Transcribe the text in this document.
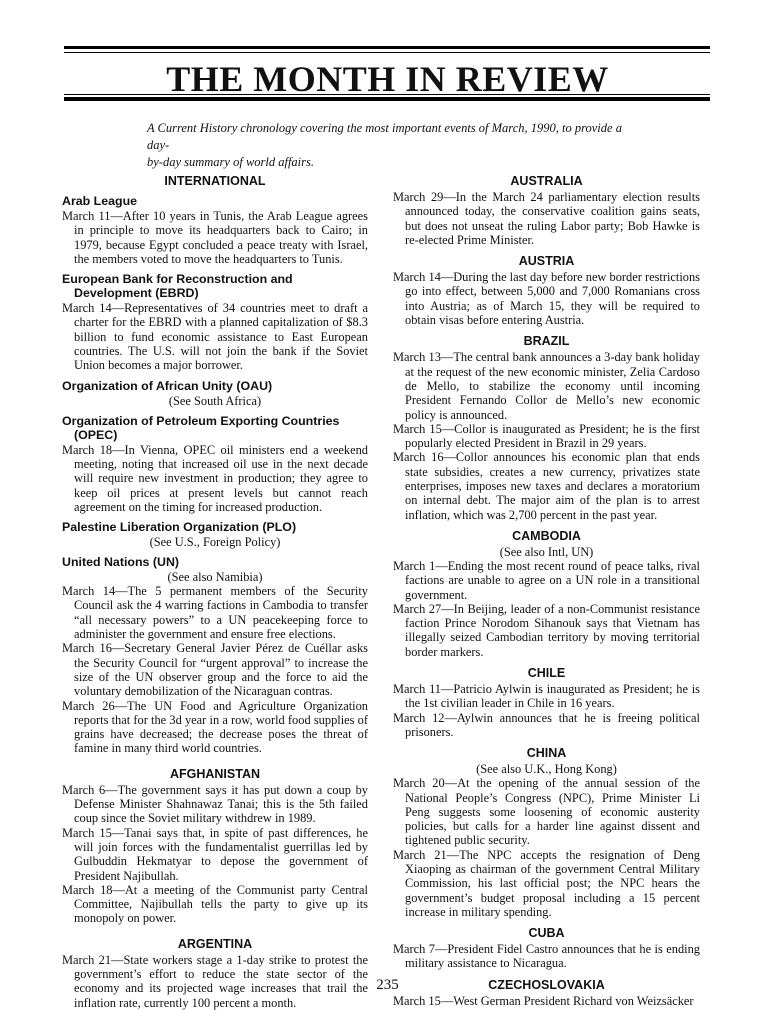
THE MONTH IN REVIEW
A Current History chronology covering the most important events of March, 1990, to provide a day-
by-day summary of world affairs.
INTERNATIONAL
Arab League

March 11—After 10 years in Tunis, the Arab League agrees in principle to move its headquarters back to Cairo; in 1979, because Egypt concluded a peace treaty with Israel, the members voted to move the headquarters to Tunis.

European Bank for Reconstruction and Development (EBRD)

March 14—Representatives of 34 countries meet to draft a charter for the EBRD with a planned capitalization of $8.3 billion to fund economic assistance to East European countries. The U.S. will not join the bank if the Soviet Union becomes a major borrower.

Organization of African Unity (OAU)
(See South Africa)
Organization of Petroleum Exporting Countries (OPEC)

March 18—In Vienna, OPEC oil ministers end a weekend meeting, noting that increased oil use in the next decade will require new investment in production; they agree to keep oil prices at present levels but cannot reach agreement on the timing for increased production.

Palestine Liberation Organization (PLO)
(See U.S., Foreign Policy)
United Nations (UN)
(See also Namibia)

March 14—The 5 permanent members of the Security Council ask the 4 warring factions in Cambodia to transfer “all necessary powers” to a UN peacekeeping force to administer the government and ensure free elections.

March 16—Secretary General Javier Pérez de Cuéllar asks the Security Council for “urgent approval” to increase the size of the UN observer group and the force to aid the voluntary demobilization of the Nicaraguan contras.

March 26—The UN Food and Agriculture Organization reports that for the 3d year in a row, world food supplies of grains have decreased; the decrease poses the threat of famine in many third world countries.

AFGHANISTAN

March 6—The government says it has put down a coup by Defense Minister Shahnawaz Tanai; this is the 5th failed coup since the Soviet military withdrew in 1989.

March 15—Tanai says that, in spite of past differences, he will join forces with the fundamentalist guerrillas led by Gulbuddin Hekmatyar to depose the government of President Najibullah.

March 18—At a meeting of the Communist party Central Committee, Najibullah tells the party to give up its monopoly on power.

ARGENTINA

March 21—State workers stage a 1-day strike to protest the government’s effort to reduce the state sector of the economy and its projected wage increases that trail the inflation rate, currently 100 percent a month.

AUSTRALIA

March 29—In the March 24 parliamentary election results announced today, the conservative coalition gains seats, but does not unseat the ruling Labor party; Bob Hawke is re-elected Prime Minister.

AUSTRIA

March 14—During the last day before new border restrictions go into effect, between 5,000 and 7,000 Romanians cross into Austria; as of March 15, they will be required to obtain visas before entering Austria.

BRAZIL

March 13—The central bank announces a 3-day bank holiday at the request of the new economic minister, Zelia Cardoso de Mello, to stabilize the economy until incoming President Fernando Collor de Mello’s new economic policy is announced.

March 15—Collor is inaugurated as President; he is the first popularly elected President in Brazil in 29 years.

March 16—Collor announces his economic plan that ends state subsidies, creates a new currency, privatizes state enterprises, imposes new taxes and declares a moratorium on internal debt. The major aim of the plan is to arrest inflation, which was 2,700 percent in the past year.

CAMBODIA
(See also Intl, UN)

March 1—Ending the most recent round of peace talks, rival factions are unable to agree on a UN role in a transitional government.

March 27—In Beijing, leader of a non-Communist resistance faction Prince Norodom Sihanouk says that Vietnam has illegally seized Cambodian territory by moving territorial border markers.

CHILE

March 11—Patricio Aylwin is inaugurated as President; he is the 1st civilian leader in Chile in 16 years.

March 12—Aylwin announces that he is freeing political prisoners.

CHINA
(See also U.K., Hong Kong)

March 20—At the opening of the annual session of the National People’s Congress (NPC), Prime Minister Li Peng suggests some loosening of economic austerity policies, but calls for a harder line against dissent and tightened public security.

March 21—The NPC accepts the resignation of Deng Xiaoping as chairman of the government Central Military Commission, his last official post; the NPC hears the government’s budget proposal including a 15 percent increase in military spending.

CUBA

March 7—President Fidel Castro announces that he is ending military assistance to Nicaragua.

CZECHOSLOVAKIA

March 15—West German President Richard von Weizsäcker

235
